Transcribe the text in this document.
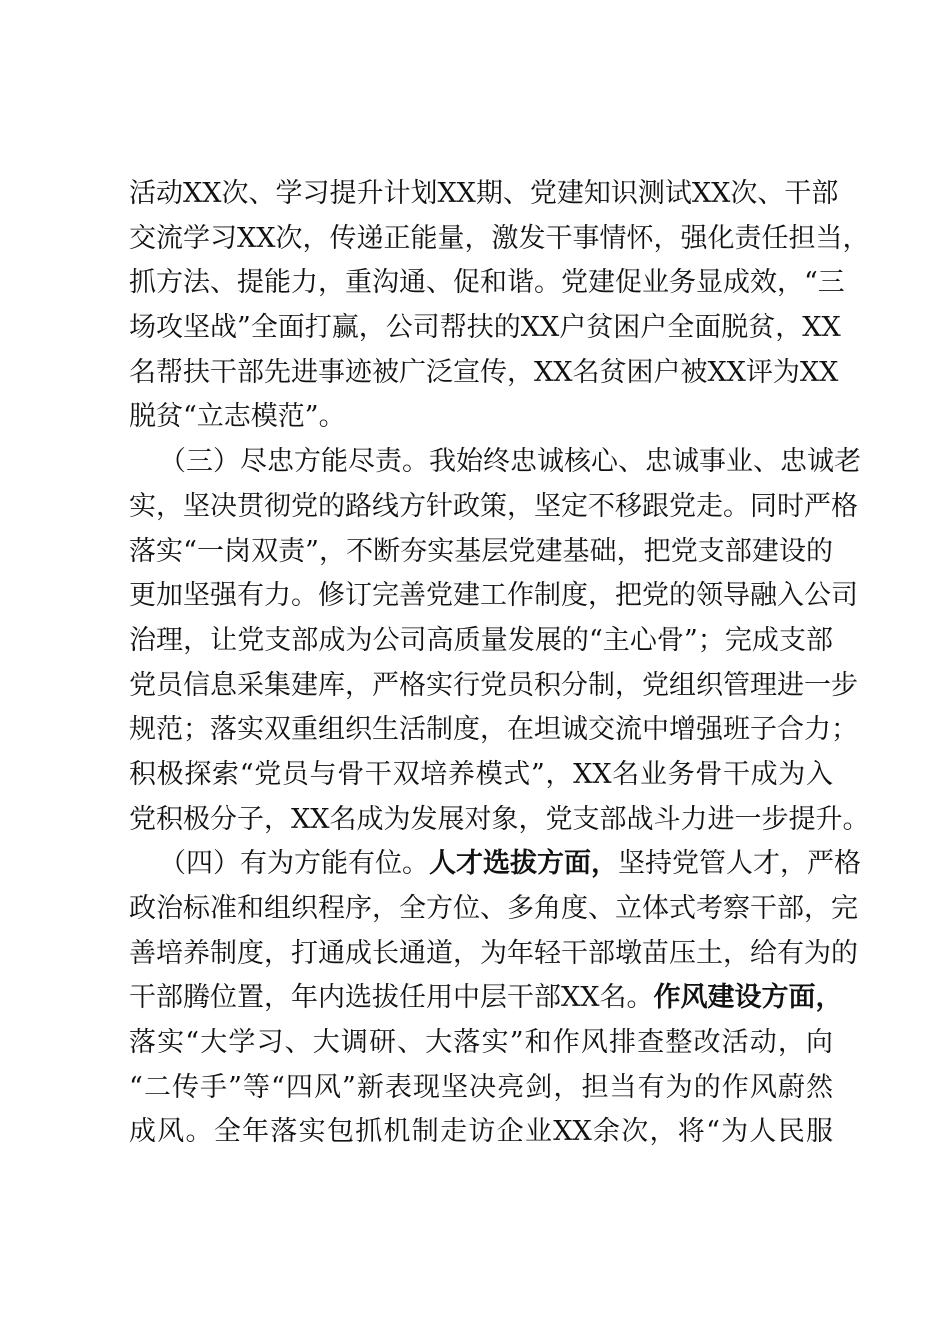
活动XX次、学习提升计划XX期、党建知识测试XX次、干部
交流学习XX次，传递正能量，激发干事情怀，强化责任担当，
抓方法、提能力，重沟通、促和谐。党建促业务显成效，“三
场攻坚战”全面打赢，公司帮扶的XX户贫困户全面脱贫，XX
名帮扶干部先进事迹被广泛宣传，XX名贫困户被XX评为XX
脱贫“立志模范”。
（三）尽忠方能尽责。我始终忠诚核心、忠诚事业、忠诚老
实，坚决贯彻党的路线方针政策，坚定不移跟党走。同时严格
落实“一岗双责”，不断夯实基层党建基础，把党支部建设的
更加坚强有力。修订完善党建工作制度，把党的领导融入公司
治理，让党支部成为公司高质量发展的“主心骨”；完成支部
党员信息采集建库，严格实行党员积分制，党组织管理进一步
规范；落实双重组织生活制度，在坦诚交流中增强班子合力；
积极探索“党员与骨干双培养模式”，XX名业务骨干成为入
党积极分子，XX名成为发展对象，党支部战斗力进一步提升。
（四）有为方能有位。人才选拔方面，坚持党管人才，严格
政治标准和组织程序，全方位、多角度、立体式考察干部，完
善培养制度，打通成长通道，为年轻干部墩苗压土，给有为的
干部腾位置，年内选拔任用中层干部XX名。作风建设方面，
落实“大学习、大调研、大落实”和作风排查整改活动，向
“二传手”等“四风”新表现坚决亮剑，担当有为的作风蔚然
成风。全年落实包抓机制走访企业XX余次，将“为人民服
